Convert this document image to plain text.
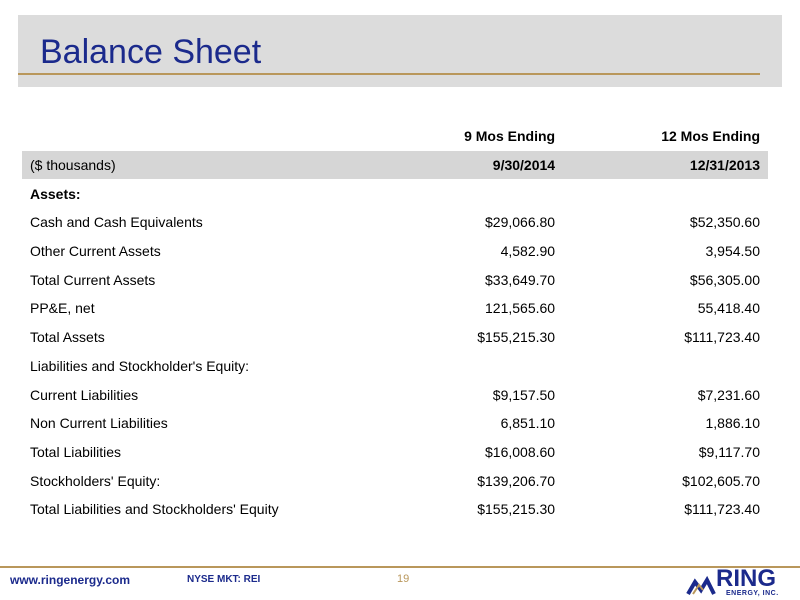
Balance Sheet
	9 Mos Ending	12 Mos Ending
($ thousands)	9/30/2014	12/31/2013
Assets:		
Cash and Cash Equivalents	$29,066.80	$52,350.60
Other Current Assets	4,582.90	3,954.50
Total Current Assets	$33,649.70	$56,305.00
PP&E, net	121,565.60	55,418.40
Total Assets	$155,215.30	$111,723.40
Liabilities and Stockholder's Equity:		
Current Liabilities	$9,157.50	$7,231.60
Non Current Liabilities	6,851.10	1,886.10
Total Liabilities	$16,008.60	$9,117.70
Stockholders' Equity:	$139,206.70	$102,605.70
Total Liabilities and Stockholders' Equity	$155,215.30	$111,723.40
www.ringenergy.com	NYSE MKT: REI	19	RING
ENERGY, INC.
